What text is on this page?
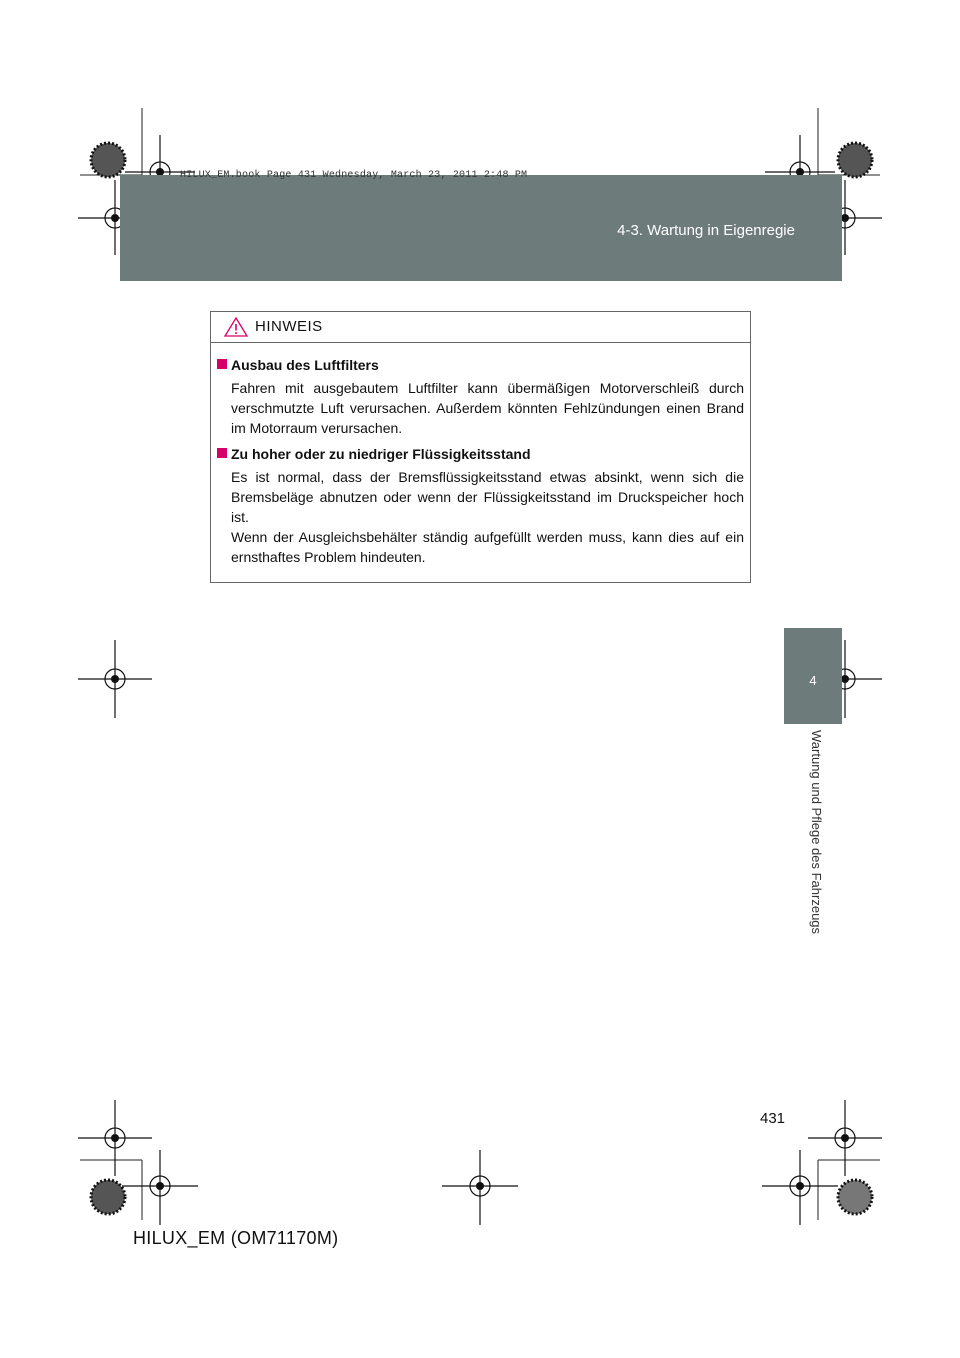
HILUX_EM.book Page 431 Wednesday, March 23, 2011 2:48 PM
4-3. Wartung in Eigenregie
4
Wartung und Pflege des Fahrzeugs
HINWEIS
Ausbau des Luftfilters
Fahren mit ausgebautem Luftfilter kann übermäßigen Motorverschleiß durch verschmutzte Luft verursachen. Außerdem könnten Fehlzündungen einen Brand im Motorraum verursachen.
Zu hoher oder zu niedriger Flüssigkeitsstand
Es ist normal, dass der Bremsflüssigkeitsstand etwas absinkt, wenn sich die Bremsbeläge abnutzen oder wenn der Flüssigkeitsstand im Druckspeicher hoch ist.
Wenn der Ausgleichsbehälter ständig aufgefüllt werden muss, kann dies auf ein ernsthaftes Problem hindeuten.
431
HILUX_EM (OM71170M)
